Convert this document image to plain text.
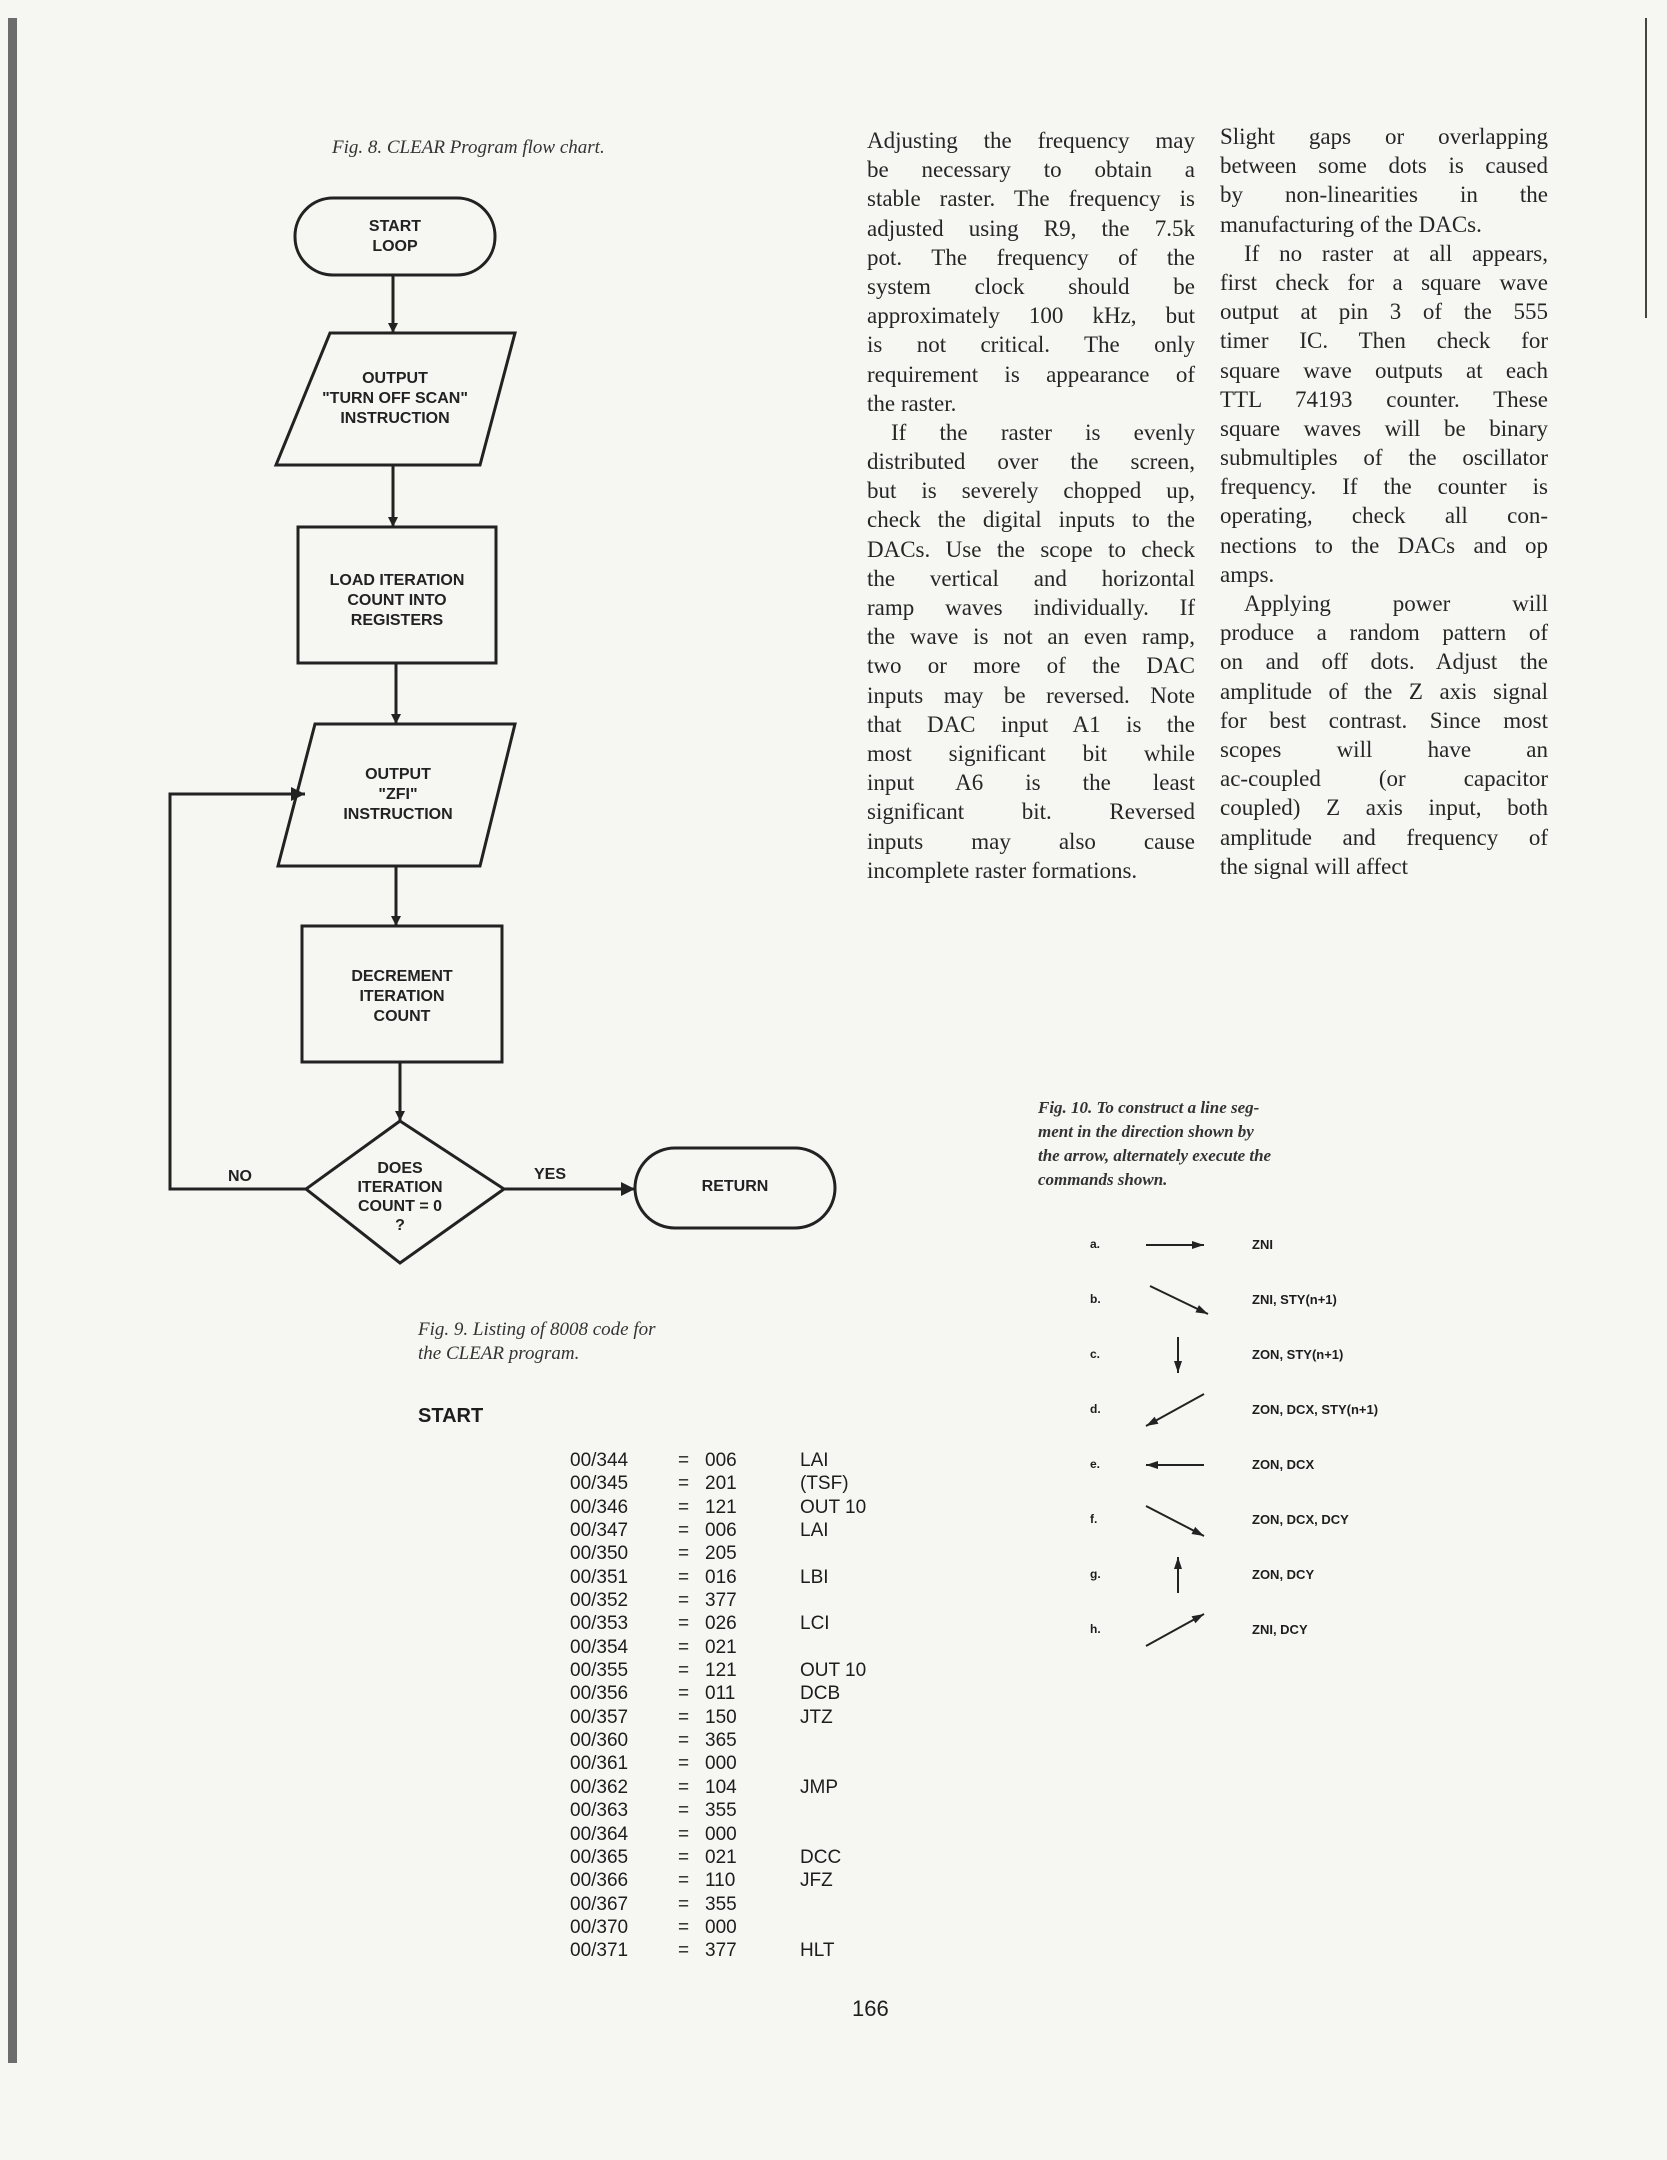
Fig. 8. CLEAR Program flow chart.
START
LOOP
OUTPUT
"TURN OFF SCAN"
INSTRUCTION
LOAD ITERATION
COUNT INTO
REGISTERS
OUTPUT
"ZFI"
INSTRUCTION
DECREMENT
ITERATION
COUNT
DOES
ITERATION
COUNT = 0
?
RETURN
NO	YES
Adjusting the frequency may
be necessary to obtain a
stable raster. The frequency is
adjusted using R9, the 7.5k
pot. The frequency of the
system clock should be
approximately 100 kHz, but
is not critical. The only
requirement is appearance of
the raster.
If the raster is evenly
distributed over the screen,
but is severely chopped up,
check the digital inputs to the
DACs. Use the scope to check
the vertical and horizontal
ramp waves individually. If
the wave is not an even ramp,
two or more of the DAC
inputs may be reversed. Note
that DAC input A1 is the
most significant bit while
input A6 is the least
significant bit. Reversed
inputs may also cause
incomplete raster formations.
Slight gaps or overlapping
between some dots is caused
by non-linearities in the
manufacturing of the DACs.
If no raster at all appears,
first check for a square wave
output at pin 3 of the 555
timer IC. Then check for
square wave outputs at each
TTL 74193 counter. These
square waves will be binary
submultiples of the oscillator
frequency. If the counter is
operating, check all con-
nections to the DACs and op
amps.
Applying power will
produce a random pattern of
on and off dots. Adjust the
amplitude of the Z axis signal
for best contrast. Since most
scopes will have an
ac-coupled (or capacitor
coupled) Z axis input, both
amplitude and frequency of
the signal will affect
Fig. 9. Listing of 8008 code for
the CLEAR program.
START
00/344	= 006	LAI
00/345	= 201	(TSF)
00/346	= 121	OUT 10
00/347	= 006	LAI
00/350	= 205
00/351	= 016	LBI
00/352	= 377
00/353	= 026	LCI
00/354	= 021
00/355	= 121	OUT 10
00/356	= 011	DCB
00/357	= 150	JTZ
00/360	= 365
00/361	= 000
00/362	= 104	JMP
00/363	= 355
00/364	= 000
00/365	= 021	DCC
00/366	= 110	JFZ
00/367	= 355
00/370	= 000
00/371	= 377	HLT
Fig. 10. To construct a line seg-
ment in the direction shown by
the arrow, alternately execute the
commands shown.
a.	ZNI
b.	ZNI, STY(n+1)
c.	ZON, STY(n+1)
d.	ZON, DCX, STY(n+1)
e.	ZON, DCX
f.	ZON, DCX, DCY
g.	ZON, DCY
h.	ZNI, DCY
166
